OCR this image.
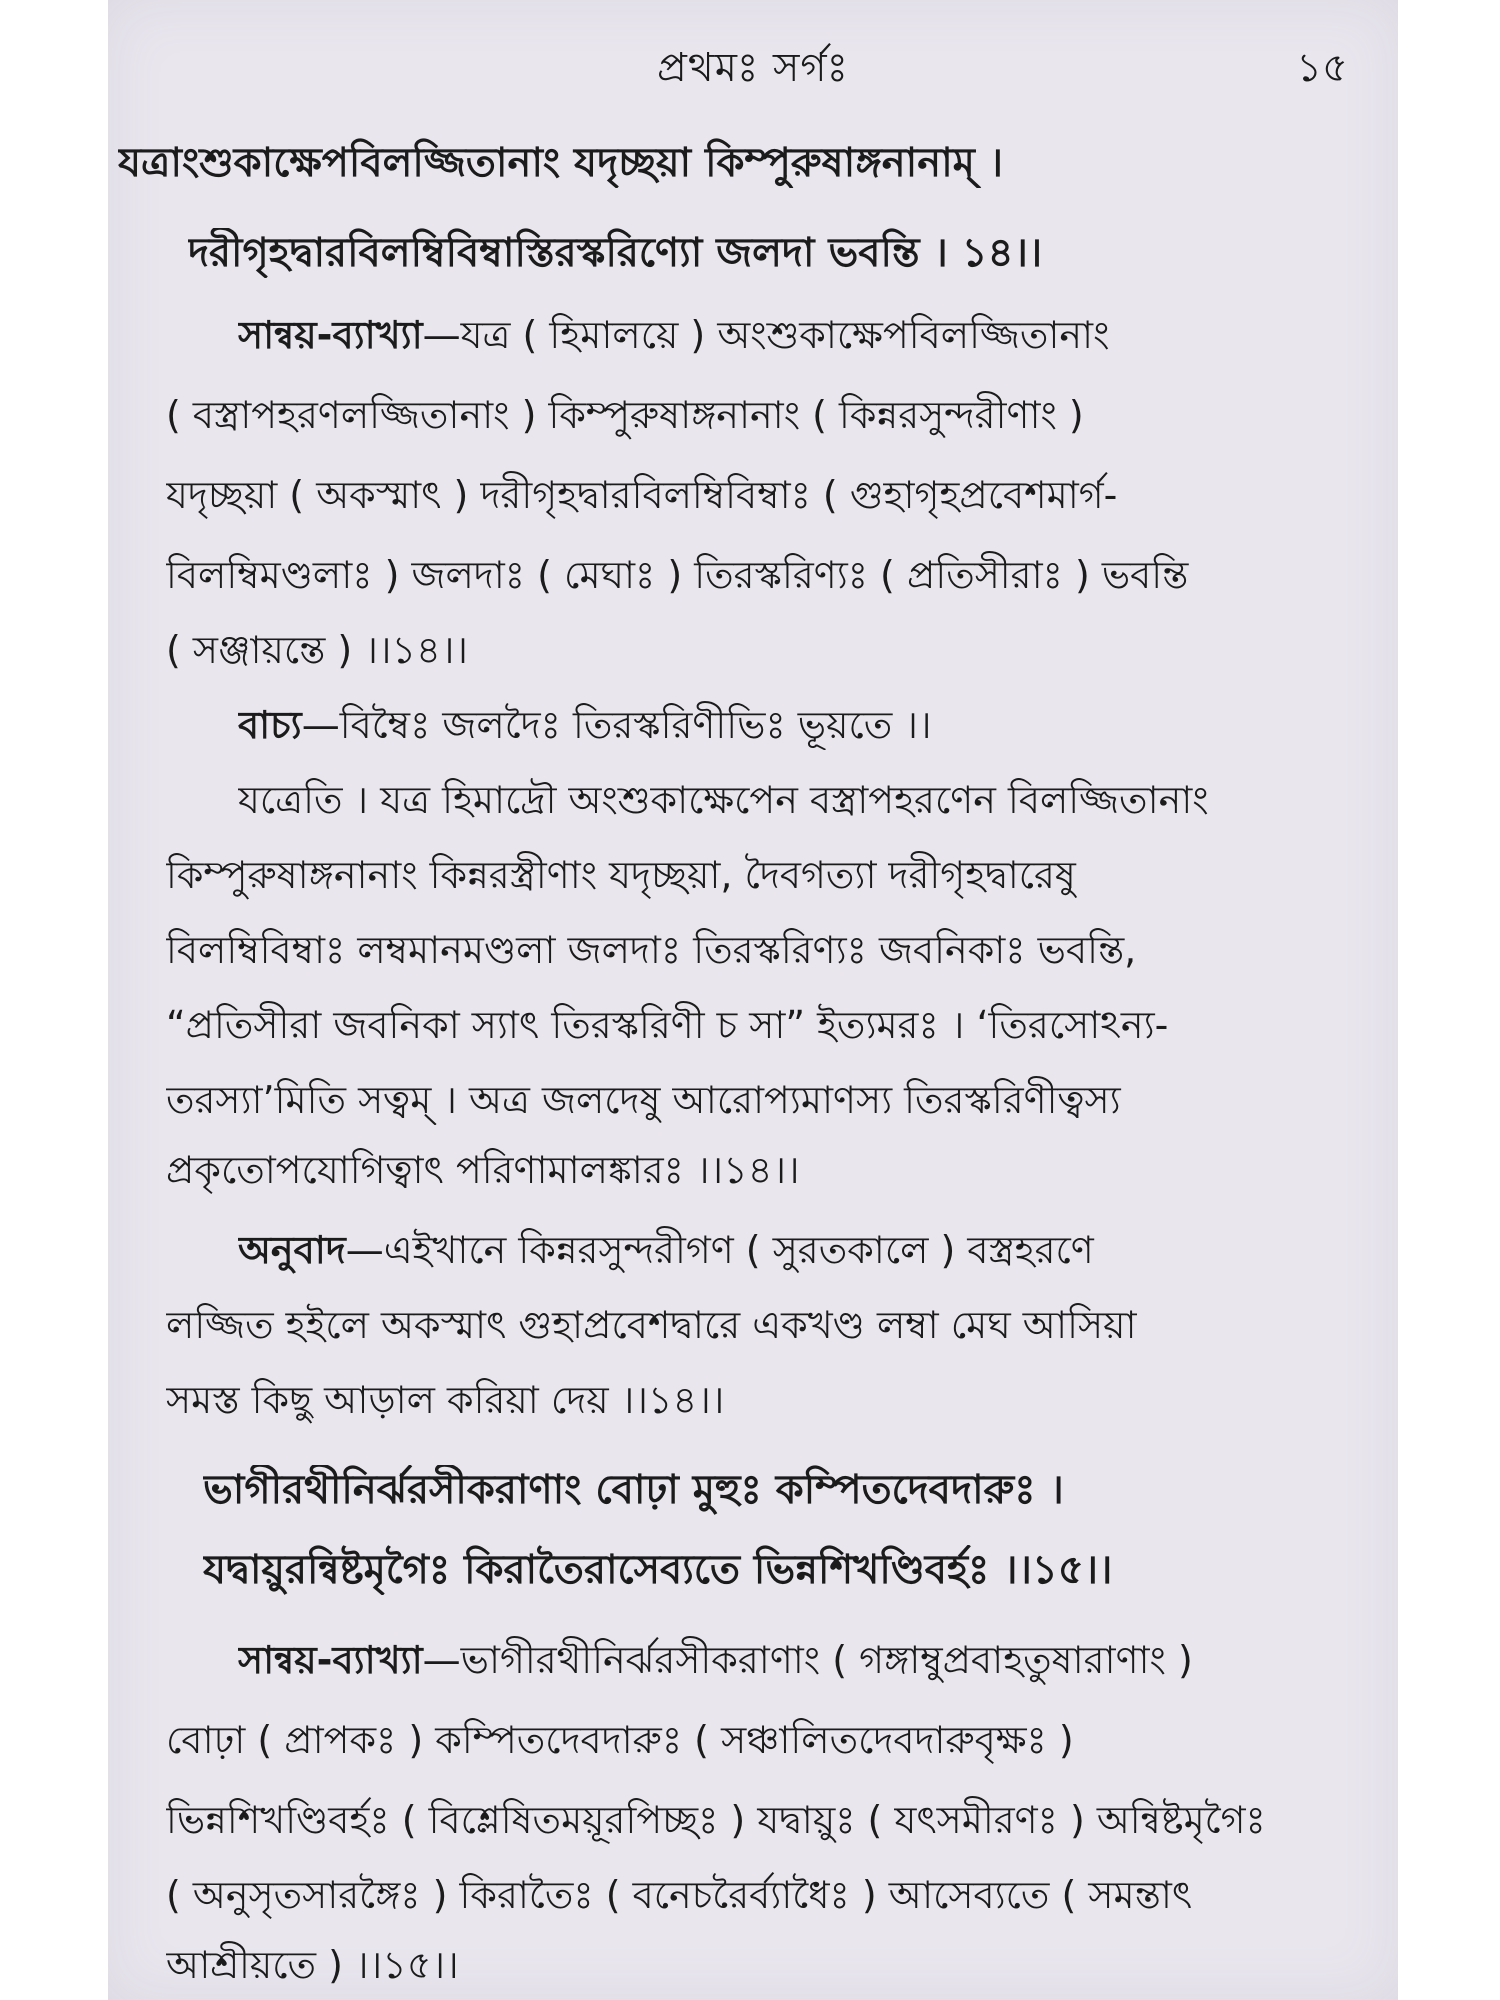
প্রথমঃ সর্গঃ	১৫
যত্রাংশুকাক্ষেপবিলজ্জিতানাং যদৃচ্ছয়া কিম্পুরুষাঙ্গনানাম্ ।
দরীগৃহদ্বারবিলম্বিবিম্বাস্তিরস্করিণ্যো জলদা ভবন্তি । ১৪।।
সান্বয়-ব্যাখ্যা—যত্র ( হিমালয়ে ) অংশুকাক্ষেপবিলজ্জিতানাং
( বস্ত্রাপহরণলজ্জিতানাং ) কিম্পুরুষাঙ্গনানাং ( কিন্নরসুন্দরীণাং )
যদৃচ্ছয়া ( অকস্মাৎ ) দরীগৃহদ্বারবিলম্বিবিম্বাঃ ( গুহাগৃহপ্রবেশমার্গ-
বিলম্বিমণ্ডলাঃ ) জলদাঃ ( মেঘাঃ ) তিরস্করিণ্যঃ ( প্রতিসীরাঃ ) ভবন্তি
( সঞ্জায়ন্তে ) ।।১৪।।
বাচ্য—বিম্বৈঃ জলদৈঃ তিরস্করিণীভিঃ ভূয়তে ।।
যত্রেতি । যত্র হিমাদ্রৌ অংশুকাক্ষেপেন বস্ত্রাপহরণেন বিলজ্জিতানাং
কিম্পুরুষাঙ্গনানাং কিন্নরস্ত্রীণাং যদৃচ্ছয়া, দৈবগত্যা দরীগৃহদ্বারেষু
বিলম্বিবিম্বাঃ লম্বমানমণ্ডলা জলদাঃ তিরস্করিণ্যঃ জবনিকাঃ ভবন্তি,
“প্রতিসীরা জবনিকা স্যাৎ তিরস্করিণী চ সা” ইত্যমরঃ । ‘তিরসোঽন্য-
তরস্যা’মিতি সত্বম্ । অত্র জলদেষু আরোপ্যমাণস্য তিরস্করিণীত্বস্য
প্রকৃতোপযোগিত্বাৎ পরিণামালঙ্কারঃ ।।১৪।।
অনুবাদ—এইখানে কিন্নরসুন্দরীগণ ( সুরতকালে ) বস্ত্রহরণে
লজ্জিত হইলে অকস্মাৎ গুহাপ্রবেশদ্বারে একখণ্ড লম্বা মেঘ আসিয়া
সমস্ত কিছু আড়াল করিয়া দেয় ।।১৪।।
ভাগীরথীনির্ঝরসীকরাণাং বোঢ়া মুহুঃ কম্পিতদেবদারুঃ ।
যদ্বায়ুরন্বিষ্টমৃগৈঃ কিরাতৈরাসেব্যতে ভিন্নশিখণ্ডিবর্হঃ ।।১৫।।
সান্বয়-ব্যাখ্যা—ভাগীরথীনির্ঝরসীকরাণাং ( গঙ্গাম্বুপ্রবাহতুষারাণাং )
বোঢ়া ( প্রাপকঃ ) কম্পিতদেবদারুঃ ( সঞ্চালিতদেবদারুবৃক্ষঃ )
ভিন্নশিখণ্ডিবর্হঃ ( বিশ্লেষিতময়ূরপিচ্ছঃ ) যদ্বায়ুঃ ( যৎসমীরণঃ ) অন্বিষ্টমৃগৈঃ
( অনুসৃতসারঙ্গৈঃ ) কিরাতৈঃ ( বনেচরৈর্ব্যাধৈঃ ) আসেব্যতে ( সমন্তাৎ
আশ্রীয়তে ) ।।১৫।।
